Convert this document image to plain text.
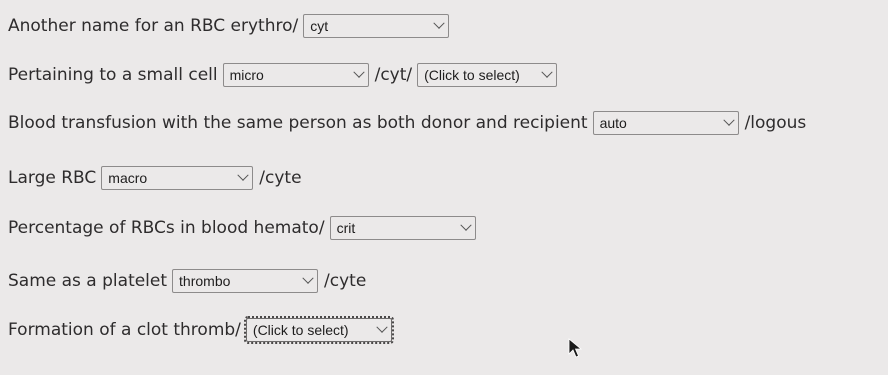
Another name for an RBC erythro/ cyt
Pertaining to a small cell micro	/cyt/ (Click to select)
Blood transfusion with the same person as both donor and recipient auto	/logous
Large RBC macro	/cyte
Percentage of RBCs in blood hemato/ crit
Same as a platelet thrombo	/cyte
Formation of a clot thromb/ (Click to select)
